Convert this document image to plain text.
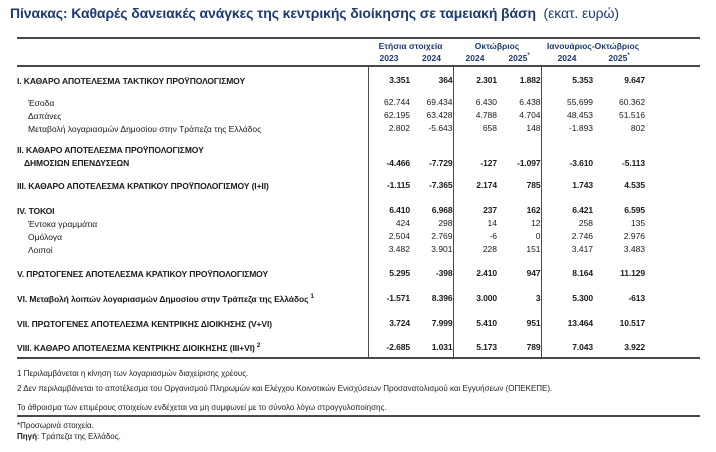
Πίνακας: Καθαρές δανειακές ανάγκες της κεντρικής διοίκησης σε ταμειακή βάση (εκατ. ευρώ)
	Ετήσια στοιχεία		Οκτώβριος		Ιανουάριος-Οκτώβριος		
	2023	2024	2024	2025*	2024	2025*	

Ι. ΚΑΘΑΡΟ ΑΠΟΤΕΛΕΣΜΑ ΤΑΚΤΙΚΟΥ ΠΡΟΫΠΟΛΟΓΙΣΜΟΥ	3.351	364	2.301	1.882	5.353	9.647	

Έσοδα	62.744	69.434	6.430	6.438	55.699	60.362	

Δαπάνες	62.195	63.428	4.788	4.704	48.453	51.516	

Μεταβολή λογαριασμών Δημοσίου στην Τράπεζα της Ελλάδος	2.802	-5.643	658	148	-1.893	802	

ΙΙ. ΚΑΘΑΡΟ ΑΠΟΤΕΛΕΣΜΑ ΠΡΟΫΠΟΛΟΓΙΣΜΟΥ
ΔΗΜΟΣΙΩΝ ΕΠΕΝΔΥΣΕΩΝ	-4.466	-7.729	-127	-1.097	-3.610	-5.113	

ΙΙΙ. ΚΑΘΑΡΟ ΑΠΟΤΕΛΕΣΜΑ ΚΡΑΤΙΚΟΥ ΠΡΟΫΠΟΛΟΓΙΣΜΟΥ (Ι+ΙΙ)	-1.115	-7.365	2.174	785	1.743	4.535	

IV. ΤΟΚΟΙ	6.410	6.968	237	162	6.421	6.595	

Έντοκα γραμμάτια	424	298	14	12	258	135	

Ομόλογα	2.504	2.769	-6	0	2.746	2.976	

Λοιποί	3.482	3.901	228	151	3.417	3.483	

V. ΠΡΩΤΟΓΕΝΕΣ ΑΠΟΤΕΛΕΣΜΑ ΚΡΑΤΙΚΟΥ ΠΡΟΫΠΟΛΟΓΙΣΜΟΥ	5.295	-398	2.410	947	8.164	11.129	

VI. Μεταβολή λοιπών λογαριασμών Δημοσίου στην Τράπεζα της Ελλάδος $^1$	-1.571	8.396	3.000	3	5.300	-613	

VII. ΠΡΩΤΟΓΕΝΕΣ ΑΠΟΤΕΛΕΣΜΑ ΚΕΝΤΡΙΚΗΣ ΔΙΟΙΚΗΣΗΣ (V+VI)	3.724	7.999	5.410	951	13.464	10.517	

VIII. ΚΑΘΑΡΟ ΑΠΟΤΕΛΕΣΜΑ ΚΕΝΤΡΙΚΗΣ ΔΙΟΙΚΗΣΗΣ (ΙΙΙ+VΙ) $^2$	-2.685	1.031	5.173	789	7.043	3.922	

1 Περιλαμβάνεται η κίνηση των λογαριασμών διαχείρισης χρέους.
2 Δεν περιλαμβάνεται το αποτέλεσμα του Οργανισμού Πληρωμών και Ελέγχου Κοινοτικών Ενισχύσεων Προσανατολισμού και Εγγυήσεων (ΟΠΕΚΕΠΕ).
Το άθροισμα των επιμέρους στοιχείων ενδέχεται να μη συμφωνεί με το σύνολο λόγω στρογγυλοποίησης.
*Προσωρινά στοιχεία.
Πηγή: Τράπεζα της Ελλάδος.
